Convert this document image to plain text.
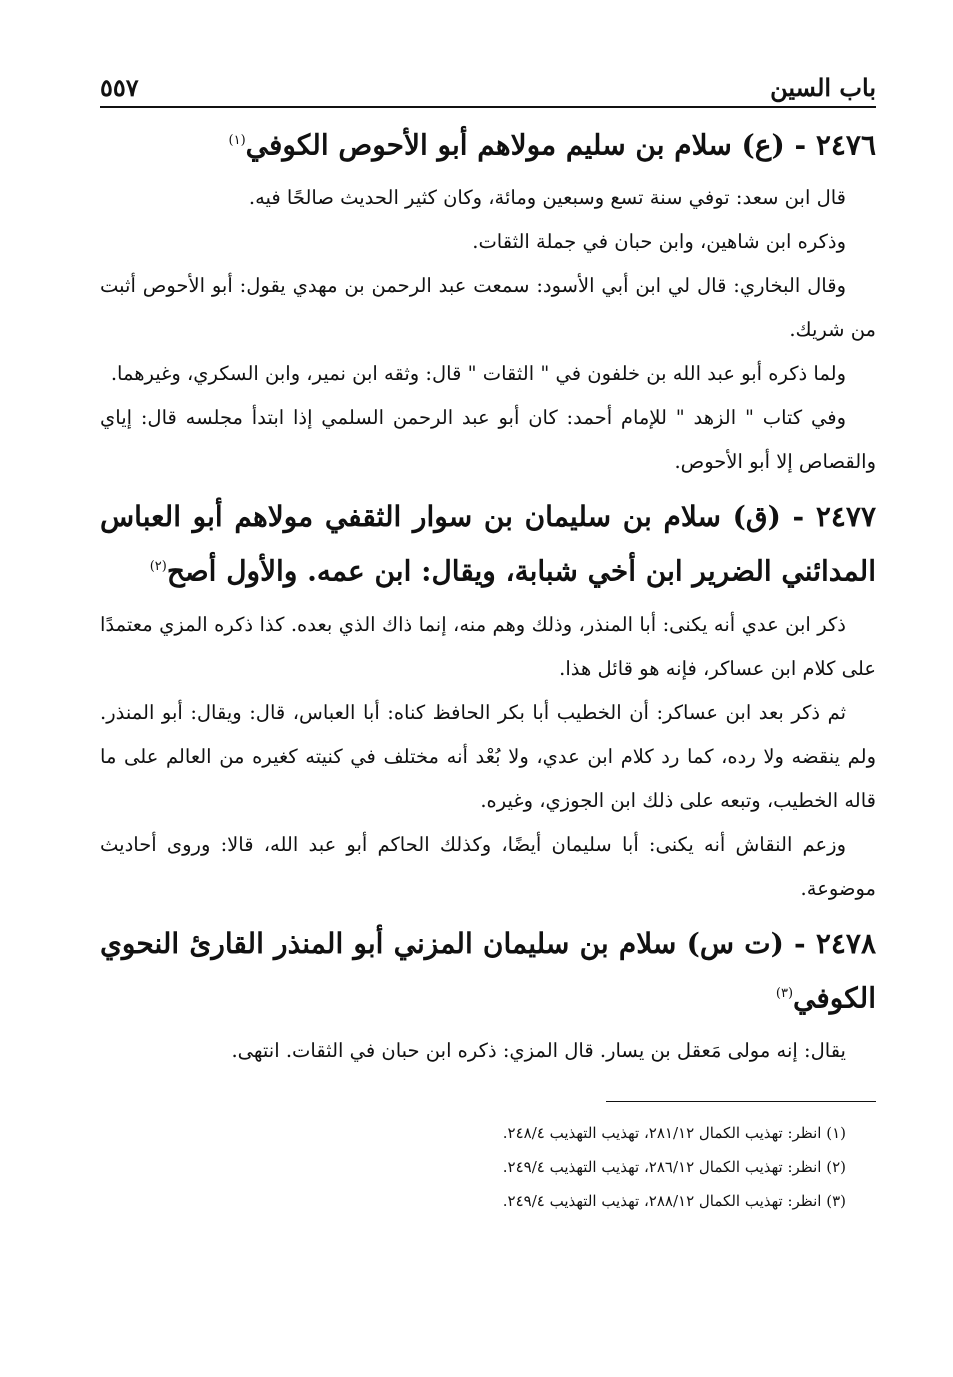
باب السين
٥٥٧
٢٤٧٦ - (ع) سلام بن سليم مولاهم أبو الأحوص الكوفي$^{(١)}$

قال ابن سعد: توفي سنة تسع وسبعين ومائة، وكان كثير الحديث صالحًا فيه.

وذكره ابن شاهين، وابن حبان في جملة الثقات.

وقال البخاري: قال لي ابن أبي الأسود: سمعت عبد الرحمن بن مهدي يقول: أبو الأحوص أثبت من شريك.

ولما ذكره أبو عبد الله بن خلفون في " الثقات " قال: وثقه ابن نمير، وابن السكري، وغيرهما.

وفي كتاب " الزهد " للإمام أحمد: كان أبو عبد الرحمن السلمي إذا ابتدأ مجلسه قال: إياي والقصاص إلا أبو الأحوص.

٢٤٧٧ - (ق) سلام بن سليمان بن سوار الثقفي مولاهم أبو العباس المدائني الضرير ابن أخي شبابة، ويقال: ابن عمه. والأول أصح$^{(٢)}$

ذكر ابن عدي أنه يكنى: أبا المنذر، وذلك وهم منه، إنما ذاك الذي بعده. كذا ذكره المزي معتمدًا على كلام ابن عساكر، فإنه هو قائل هذا.

ثم ذكر بعد ابن عساكر: أن الخطيب أبا بكر الحافظ كناه: أبا العباس، قال: ويقال: أبو المنذر. ولم ينقضه ولا رده، كما رد كلام ابن عدي، ولا بُعْد أنه مختلف في كنيته كغيره من العالم على ما قاله الخطيب، وتبعه على ذلك ابن الجوزي، وغيره.

وزعم النقاش أنه يكنى: أبا سليمان أيضًا، وكذلك الحاكم أبو عبد الله، قالا: وروى أحاديث موضوعة.

٢٤٧٨ - (ت س) سلام بن سليمان المزني أبو المنذر القارئ النحوي الكوفي$^{(٣)}$

يقال: إنه مولى مَعقل بن يسار. قال المزي: ذكره ابن حبان في الثقات. انتهى.

(١) انظر: تهذيب الكمال ٢٨١/١٢، تهذيب التهذيب ٢٤٨/٤.
(٢) انظر: تهذيب الكمال ٢٨٦/١٢، تهذيب التهذيب ٢٤٩/٤.
(٣) انظر: تهذيب الكمال ٢٨٨/١٢، تهذيب التهذيب ٢٤٩/٤.
